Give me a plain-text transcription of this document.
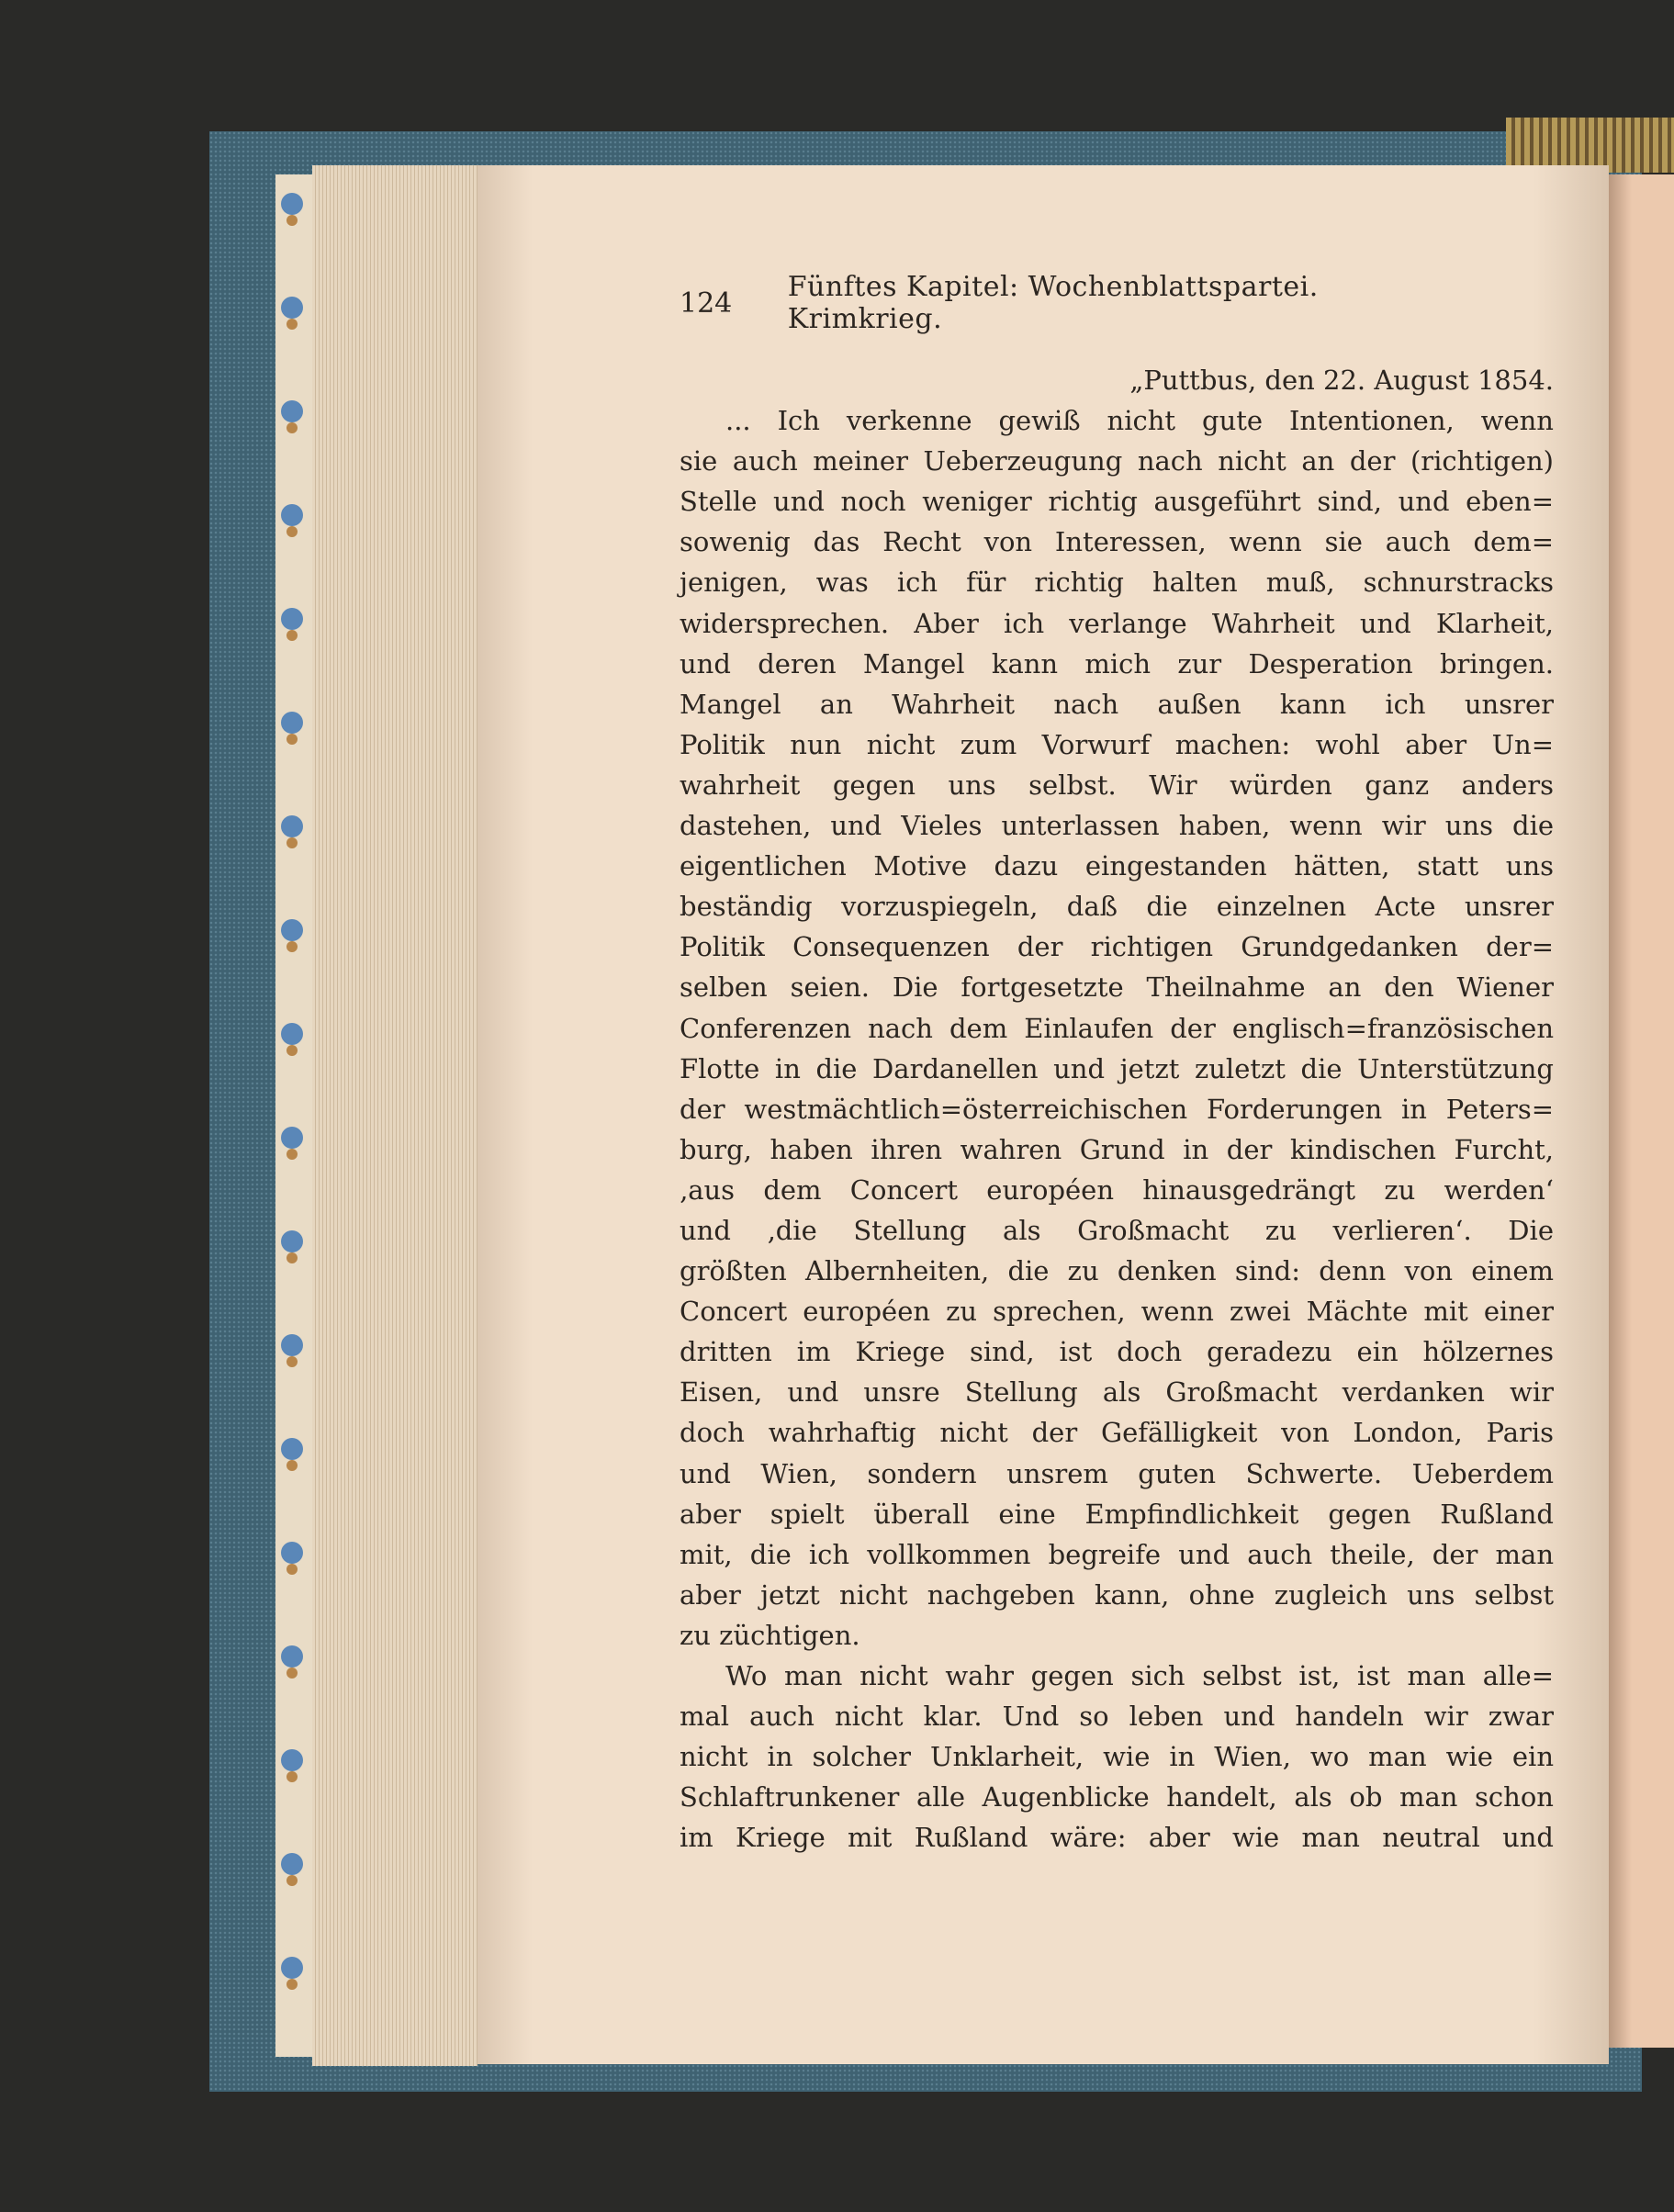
124	Fünftes Kapitel: Wochenblattspartei. Krimkrieg.
„Puttbus, den 22. August 1854.
... Ich verkenne gewiß nicht gute Intentionen, wenn
sie auch meiner Ueberzeugung nach nicht an der (richtigen)
Stelle und noch weniger richtig ausgeführt sind, und eben=
sowenig das Recht von Interessen, wenn sie auch dem=
jenigen, was ich für richtig halten muß, schnurstracks
widersprechen. Aber ich verlange Wahrheit und Klarheit,
und deren Mangel kann mich zur Desperation bringen.
Mangel an Wahrheit nach außen kann ich unsrer
Politik nun nicht zum Vorwurf machen: wohl aber Un=
wahrheit gegen uns selbst. Wir würden ganz anders
dastehen, und Vieles unterlassen haben, wenn wir uns die
eigentlichen Motive dazu eingestanden hätten, statt uns
beständig vorzuspiegeln, daß die einzelnen Acte unsrer
Politik Consequenzen der richtigen Grundgedanken der=
selben seien. Die fortgesetzte Theilnahme an den Wiener
Conferenzen nach dem Einlaufen der englisch=französischen
Flotte in die Dardanellen und jetzt zuletzt die Unterstützung
der westmächtlich=österreichischen Forderungen in Peters=
burg, haben ihren wahren Grund in der kindischen Furcht,
‚aus dem Concert européen hinausgedrängt zu werden‘
und ‚die Stellung als Großmacht zu verlieren‘. Die
größten Albernheiten, die zu denken sind: denn von einem
Concert européen zu sprechen, wenn zwei Mächte mit einer
dritten im Kriege sind, ist doch geradezu ein hölzernes
Eisen, und unsre Stellung als Großmacht verdanken wir
doch wahrhaftig nicht der Gefälligkeit von London, Paris
und Wien, sondern unsrem guten Schwerte. Ueberdem
aber spielt überall eine Empfindlichkeit gegen Rußland
mit, die ich vollkommen begreife und auch theile, der man
aber jetzt nicht nachgeben kann, ohne zugleich uns selbst
zu züchtigen.
Wo man nicht wahr gegen sich selbst ist, ist man alle=
mal auch nicht klar. Und so leben und handeln wir zwar
nicht in solcher Unklarheit, wie in Wien, wo man wie ein
Schlaftrunkener alle Augenblicke handelt, als ob man schon
im Kriege mit Rußland wäre: aber wie man neutral und
